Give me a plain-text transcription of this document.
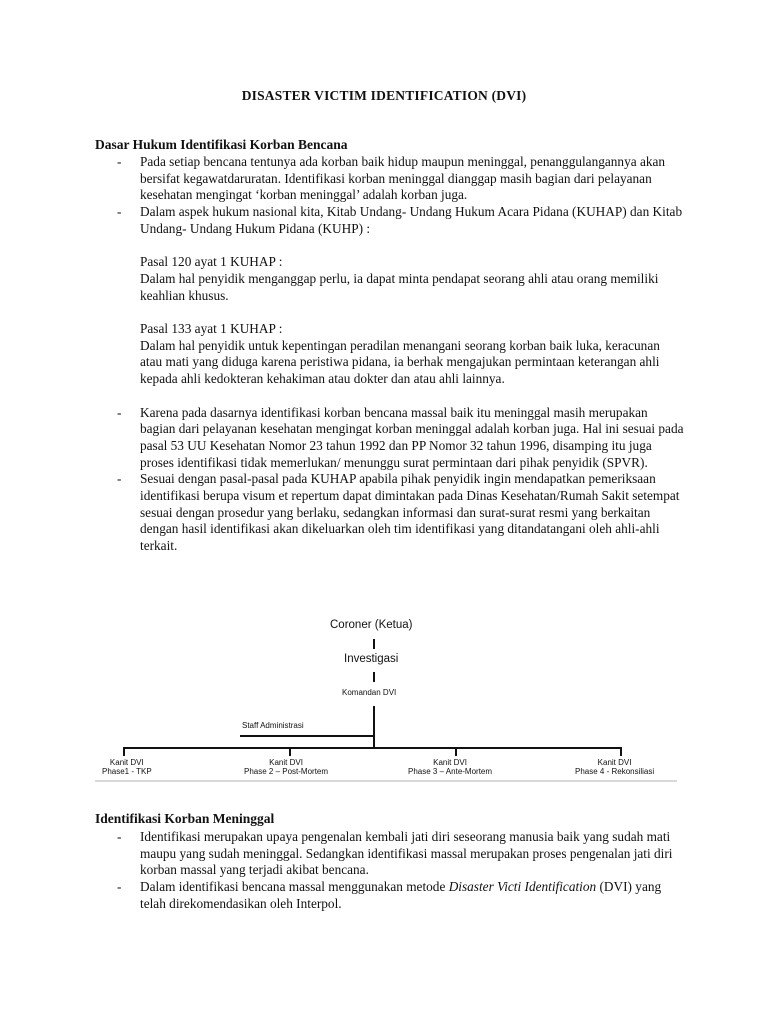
DISASTER VICTIM IDENTIFICATION (DVI)
Dasar Hukum Identifikasi Korban Bencana
- Pada setiap bencana tentunya ada korban baik hidup maupun meninggal, penanggulangannya akan bersifat kegawatdaruratan. Identifikasi korban meninggal dianggap masih bagian dari pelayanan kesehatan mengingat ‘korban meninggal’ adalah korban juga.

- Dalam aspek hukum nasional kita, Kitab Undang- Undang Hukum Acara Pidana (KUHAP) dan Kitab Undang- Undang Hukum Pidana (KUHP) :

Pasal 120 ayat 1 KUHAP :

Dalam hal penyidik menganggap perlu, ia dapat minta pendapat seorang ahli atau orang memiliki keahlian khusus.

Pasal 133 ayat 1 KUHAP :

Dalam hal penyidik untuk kepentingan peradilan menangani seorang korban baik luka, keracunan atau mati yang diduga karena peristiwa pidana, ia berhak mengajukan permintaan keterangan ahli kepada ahli kedokteran kehakiman atau dokter dan atau ahli lainnya.

- Karena pada dasarnya identifikasi korban bencana massal baik itu meninggal masih merupakan bagian dari pelayanan kesehatan mengingat korban meninggal adalah korban juga. Hal ini sesuai pada pasal 53 UU Kesehatan Nomor 23 tahun 1992 dan PP Nomor 32 tahun 1996, disamping itu juga proses identifikasi tidak memerlukan/ menunggu surat permintaan dari pihak penyidik (SPVR).

- Sesuai dengan pasal-pasal pada KUHAP apabila pihak penyidik ingin mendapatkan pemeriksaan identifikasi berupa visum et repertum dapat dimintakan pada Dinas Kesehatan/Rumah Sakit setempat sesuai dengan prosedur yang berlaku, sedangkan informasi dan surat-surat resmi yang berkaitan dengan hasil identifikasi akan dikeluarkan oleh tim identifikasi yang ditandatangani oleh ahli-ahli terkait.

Coroner (Ketua)
Investigasi
Komandan DVI
Staff Administrasi
Kanit DVI
Phase1 - TKP
Kanit DVI
Phase 2 – Post-Mortem
Kanit DVI
Phase 3 – Ante-Mortem
Kanit DVI
Phase 4 - Rekonsiliasi
Identifikasi Korban Meninggal
- Identifikasi merupakan upaya pengenalan kembali jati diri seseorang manusia baik yang sudah mati maupu yang sudah meninggal. Sedangkan identifikasi massal merupakan proses pengenalan jati diri korban massal yang terjadi akibat bencana.

- Dalam identifikasi bencana massal menggunakan metode Disaster Victi Identification (DVI) yang telah direkomendasikan oleh Interpol.
